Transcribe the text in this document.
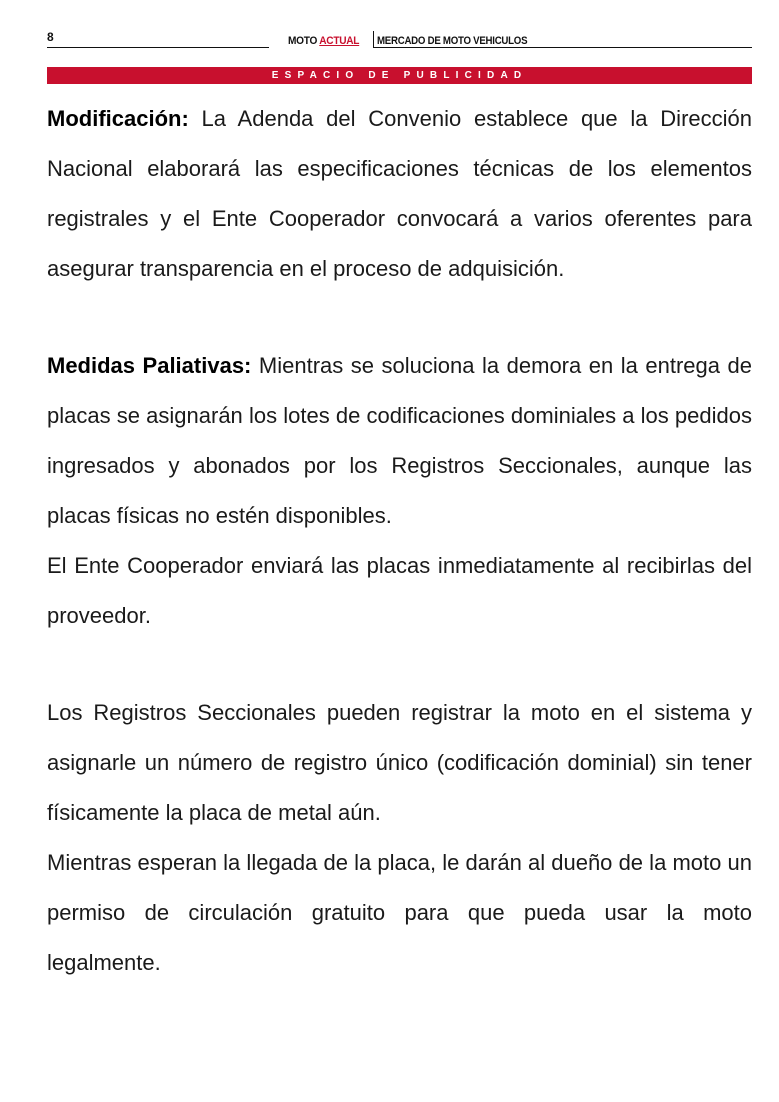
8	MOTO ACTUAL MERCADO DE MOTO VEHICULOS
ESPACIO DE PUBLICIDAD

Modificación: La Adenda del Convenio establece que la Dirección Nacional elaborará las especificaciones técnicas de los elementos registrales y el Ente Cooperador convocará a varios oferentes para asegurar transparencia en el proceso de adquisición.

Medidas Paliativas: Mientras se soluciona la demora en la entrega de placas se asignarán los lotes de codificaciones dominiales a los pedidos ingresados y abonados por los Registros Seccionales, aunque las placas físicas no estén disponibles.

El Ente Cooperador enviará las placas inmediatamente al recibirlas del proveedor.

Los Registros Seccionales pueden registrar la moto en el sistema y asignarle un número de registro único (codificación dominial) sin tener físicamente la placa de metal aún.

Mientras esperan la llegada de la placa, le darán al dueño de la moto un permiso de circulación gratuito para que pueda usar la moto legalmente.
